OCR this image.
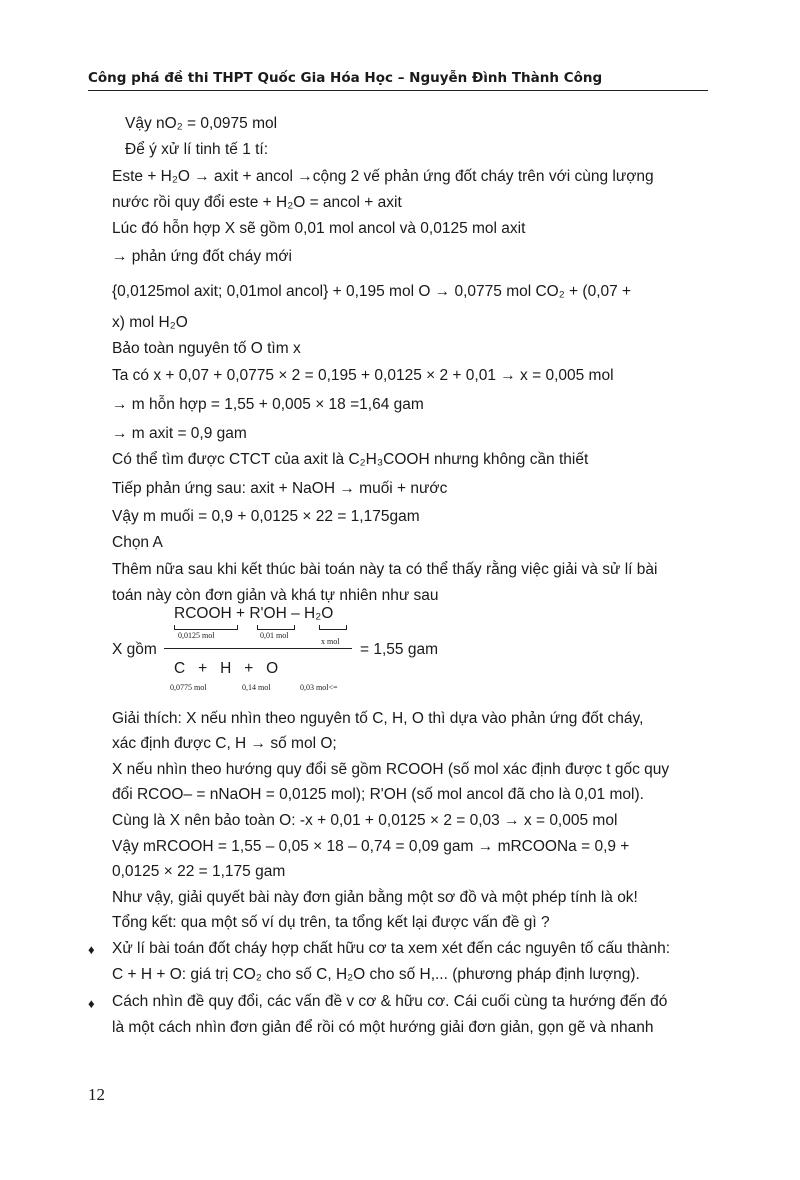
Công phá đề thi THPT Quốc Gia Hóa Học – Nguyễn Đình Thành Công
Vậy nO₂ = 0,0975 mol
Để ý xử lí tinh tế 1 tí:
Este + H₂O → axit + ancol →cộng 2 vế phản ứng đốt cháy trên với cùng lượng
nước rồi quy đổi este + H₂O = ancol + axit
Lúc đó hỗn hợp X sẽ gồm 0,01 mol ancol và 0,0125 mol axit
→ phản ứng đốt cháy mới
{0,0125mol axit; 0,01mol ancol} + 0,195 mol O → 0,0775 mol CO₂ + (0,07 +
x) mol H₂O
Bảo toàn nguyên tố O tìm x
Ta có x + 0,07 + 0,0775 × 2 = 0,195 + 0,0125 × 2 + 0,01 → x = 0,005 mol
→ m hỗn hợp = 1,55 + 0,005 × 18 =1,64 gam
→ m axit = 0,9 gam
Có thể tìm được CTCT của axit là C₂H₃COOH nhưng không cần thiết
Tiếp phản ứng sau: axit + NaOH → muối + nước
Vậy m muối = 0,9 + 0,0125 × 22 = 1,175gam
Chọn A
Thêm nữa sau khi kết thúc bài toán này ta có thể thấy rằng việc giải và sử lí bài
toán này còn đơn giản và khá tự nhiên như sau
X gồm
RCOOH + R'OH – H₂O
0,0125 mol	0,01 mol
x mol = 1,55 gam
C   +   H   +   O
0,0775 mol	0,14 mol	0,03 mol<=
Giải thích: X nếu nhìn theo nguyên tố C, H, O thì dựa vào phản ứng đốt cháy,
xác định được C, H → số mol O;
X nếu nhìn theo hướng quy đổi sẽ gồm RCOOH (số mol xác định được t gốc quy
đổi RCOO– = nNaOH = 0,0125 mol); R'OH (số mol ancol đã cho là 0,01 mol).
Cùng là X nên bảo toàn O: -x + 0,01 + 0,0125 × 2 = 0,03 → x = 0,005 mol
Vậy mRCOOH = 1,55 – 0,05 × 18 – 0,74 = 0,09 gam → mRCOONa = 0,9 +
0,0125 × 22 = 1,175 gam
Như vậy, giải quyết bài này đơn giản bằng một sơ đồ và một phép tính là ok!
Tổng kết: qua một số ví dụ trên, ta tổng kết lại được vấn đề gì ?
♦ Xử lí bài toán đốt cháy hợp chất hữu cơ ta xem xét đến các nguyên tố cấu thành:
C + H + O: giá trị CO₂ cho số C, H₂O cho số H,... (phương pháp định lượng).
♦ Cách nhìn đề quy đổi, các vấn đề v cơ & hữu cơ. Cái cuối cùng ta hướng đến đó
là một cách nhìn đơn giản để rồi có một hướng giải đơn giản, gọn gẽ và nhanh
12
